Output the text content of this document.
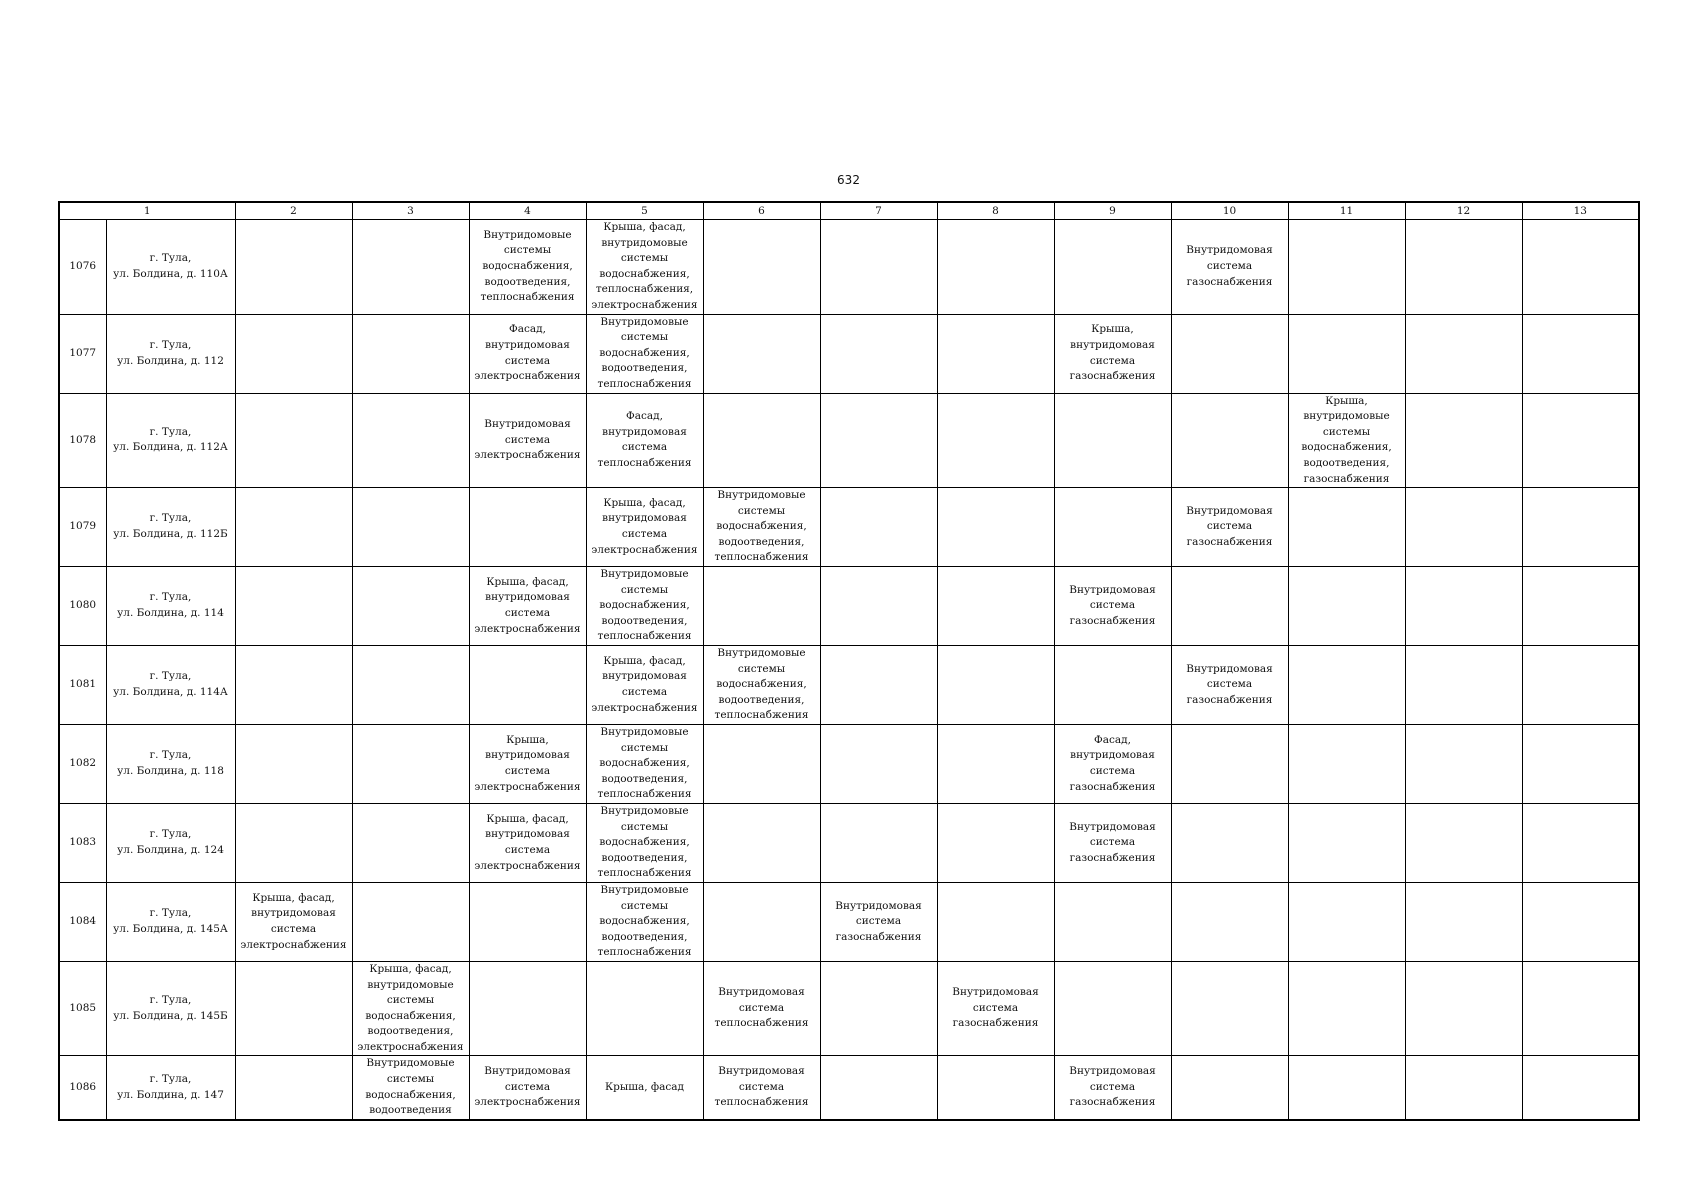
632
1		2	3	4	5	6	7	8	9	10	11	12	13
1076	г. Тула,
ул. Болдина, д. 110А			Внутридомовые системы водоснабжения, водоотведения, теплоснабжения	Крыша, фасад, внутридомовые системы водоснабжения, теплоснабжения, электроснабжения					Внутридомовая система газоснабжения			

1077	г. Тула,
ул. Болдина, д. 112			Фасад, внутридомовая система электроснабжения	Внутридомовые системы водоснабжения, водоотведения, теплоснабжения				Крыша, внутридомовая система газоснабжения				

1078	г. Тула,
ул. Болдина, д. 112А			Внутридомовая система электроснабжения	Фасад, внутридомовая система теплоснабжения						Крыша, внутридомовые системы водоснабжения, водоотведения, газоснабжения		

1079	г. Тула,
ул. Болдина, д. 112Б				Крыша, фасад, внутридомовая система электроснабжения	Внутридомовые системы водоснабжения, водоотведения, теплоснабжения				Внутридомовая система газоснабжения			

1080	г. Тула,
ул. Болдина, д. 114			Крыша, фасад, внутридомовая система электроснабжения	Внутридомовые системы водоснабжения, водоотведения, теплоснабжения				Внутридомовая система газоснабжения				

1081	г. Тула,
ул. Болдина, д. 114А				Крыша, фасад, внутридомовая система электроснабжения	Внутридомовые системы водоснабжения, водоотведения, теплоснабжения				Внутридомовая система газоснабжения			

1082	г. Тула,
ул. Болдина, д. 118			Крыша, внутридомовая система электроснабжения	Внутридомовые системы водоснабжения, водоотведения, теплоснабжения				Фасад, внутридомовая система газоснабжения				

1083	г. Тула,
ул. Болдина, д. 124			Крыша, фасад, внутридомовая система электроснабжения	Внутридомовые системы водоснабжения, водоотведения, теплоснабжения				Внутридомовая система газоснабжения				

1084	г. Тула,
ул. Болдина, д. 145А	Крыша, фасад, внутридомовая система электроснабжения			Внутридомовые системы водоснабжения, водоотведения, теплоснабжения		Внутридомовая система газоснабжения						

1085	г. Тула,
ул. Болдина, д. 145Б		Крыша, фасад, внутридомовые системы водоснабжения, водоотведения, электроснабжения			Внутридомовая система теплоснабжения		Внутридомовая система газоснабжения					

1086	г. Тула,
ул. Болдина, д. 147		Внутридомовые системы водоснабжения, водоотведения	Внутридомовая система электроснабжения	Крыша, фасад	Внутридомовая система теплоснабжения			Внутридомовая система газоснабжения				
